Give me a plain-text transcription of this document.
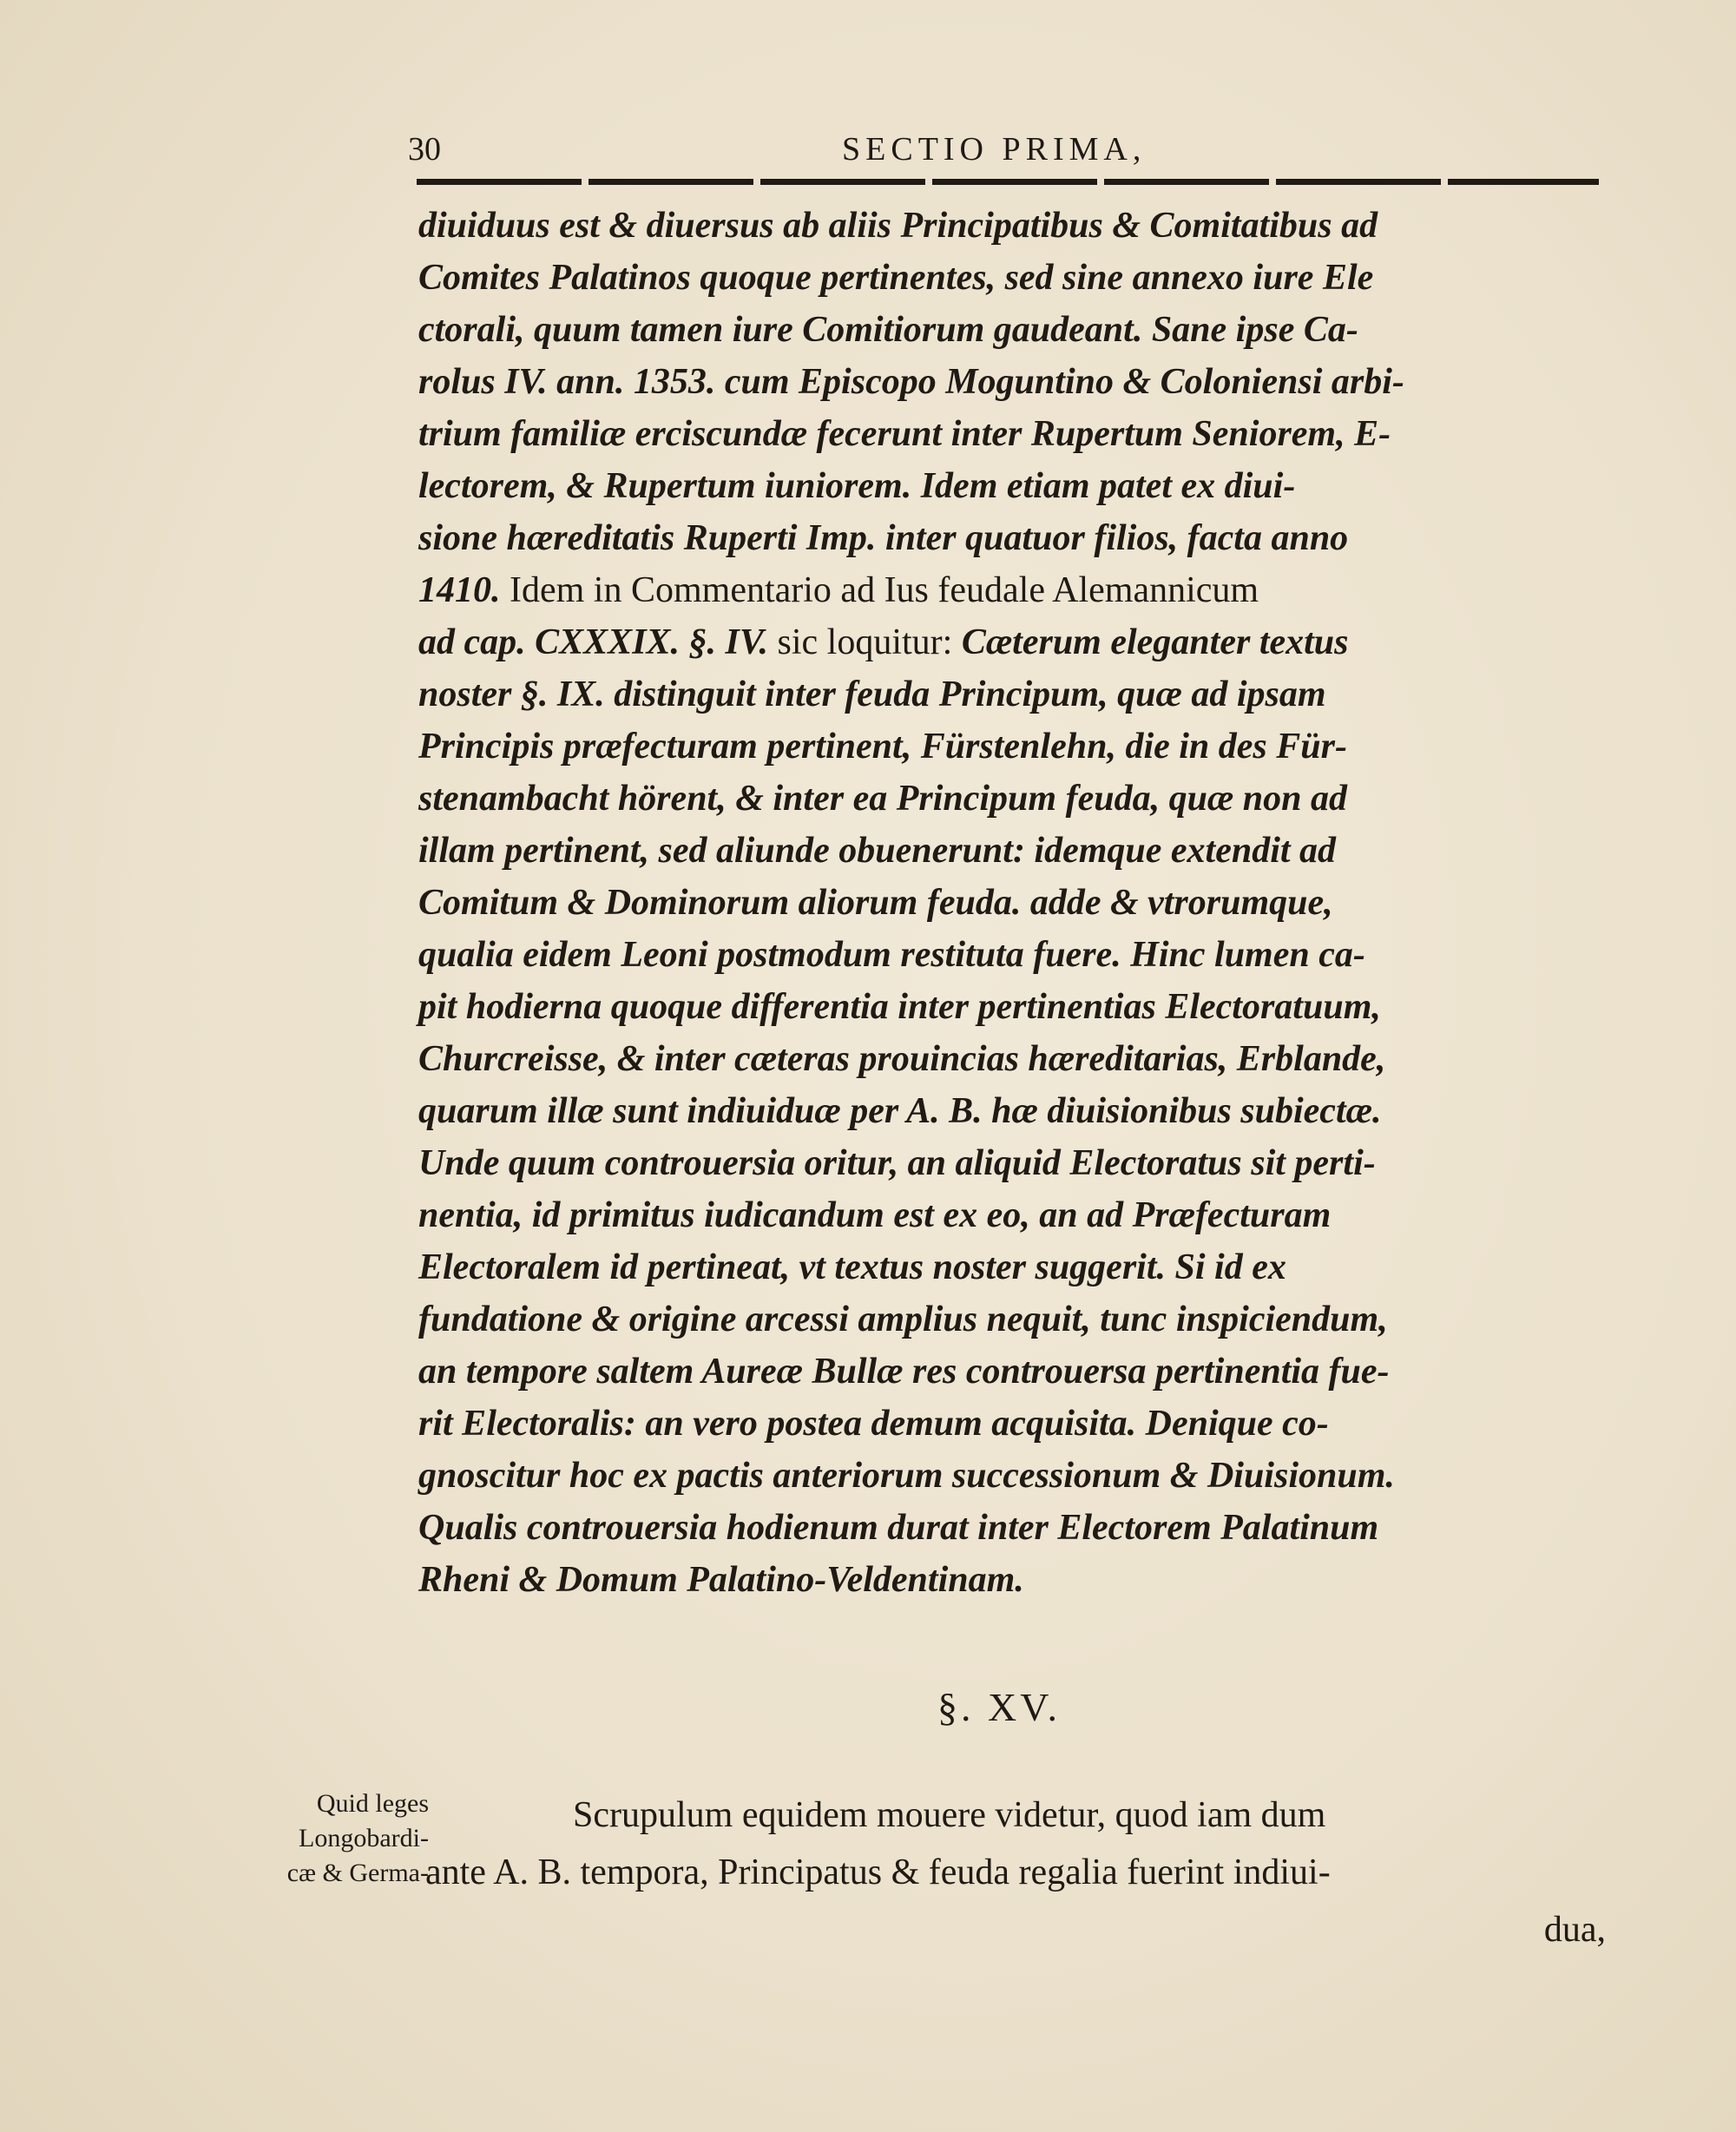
30	SECTIO PRIMA,
diuiduus est & diuersus ab aliis Principatibus & Comitatibus ad
Comites Palatinos quoque pertinentes, sed sine annexo iure Ele
ctorali, quum tamen iure Comitiorum gaudeant. Sane ipse Ca-
rolus IV. ann. 1353. cum Episcopo Moguntino & Coloniensi arbi-
trium familiæ erciscundæ fecerunt inter Rupertum Seniorem, E-
lectorem, & Rupertum iuniorem. Idem etiam patet ex diui-
sione hæreditatis Ruperti Imp. inter quatuor filios, facta anno
1410. Idem in Commentario ad Ius feudale Alemannicum
ad cap. CXXXIX. §. IV. sic loquitur: Cæterum eleganter textus
noster §. IX. distinguit inter feuda Principum, quæ ad ipsam
Principis præfecturam pertinent, Fürstenlehn, die in des Für-
stenambacht hörent, & inter ea Principum feuda, quæ non ad
illam pertinent, sed aliunde obuenerunt: idemque extendit ad
Comitum & Dominorum aliorum feuda. adde & vtrorumque,
qualia eidem Leoni postmodum restituta fuere. Hinc lumen ca-
pit hodierna quoque differentia inter pertinentias Electoratuum,
Churcreisse, & inter cæteras prouincias hæreditarias, Erblande,
quarum illæ sunt indiuiduæ per A. B. hæ diuisionibus subiectæ.
Unde quum controuersia oritur, an aliquid Electoratus sit perti-
nentia, id primitus iudicandum est ex eo, an ad Præfecturam
Electoralem id pertineat, vt textus noster suggerit. Si id ex
fundatione & origine arcessi amplius nequit, tunc inspiciendum,
an tempore saltem Aureæ Bullæ res controuersa pertinentia fue-
rit Electoralis: an vero postea demum acquisita. Denique co-
gnoscitur hoc ex pactis anteriorum successionum & Diuisionum.
Qualis controuersia hodienum durat inter Electorem Palatinum
Rheni & Domum Palatino-Veldentinam.
§. XV.
Quid leges
Longobardi-
cæ & Germa-
Scrupulum equidem mouere videtur, quod iam dum
ante A. B. tempora, Principatus & feuda regalia fuerint indiui-
dua,
